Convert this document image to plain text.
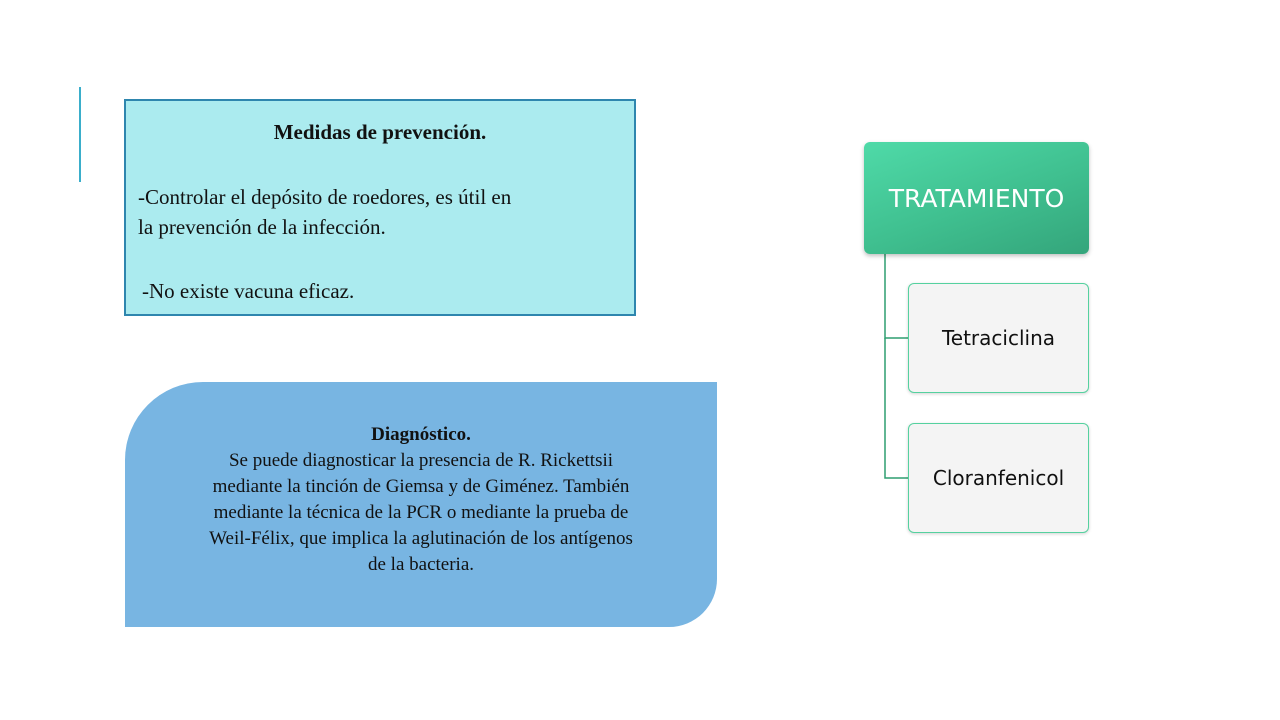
Medidas de prevención.
-Controlar el depósito de roedores, es útil en
la prevención de la infección.
-No existe vacuna eficaz.
Diagnóstico.
Se puede diagnosticar la presencia de R. Rickettsii
mediante la tinción de Giemsa y de Giménez. También
mediante la técnica de la PCR o mediante la prueba de
Weil-Félix, que implica la aglutinación de los antígenos
de la bacteria.
TRATAMIENTO
Tetraciclina
Cloranfenicol
